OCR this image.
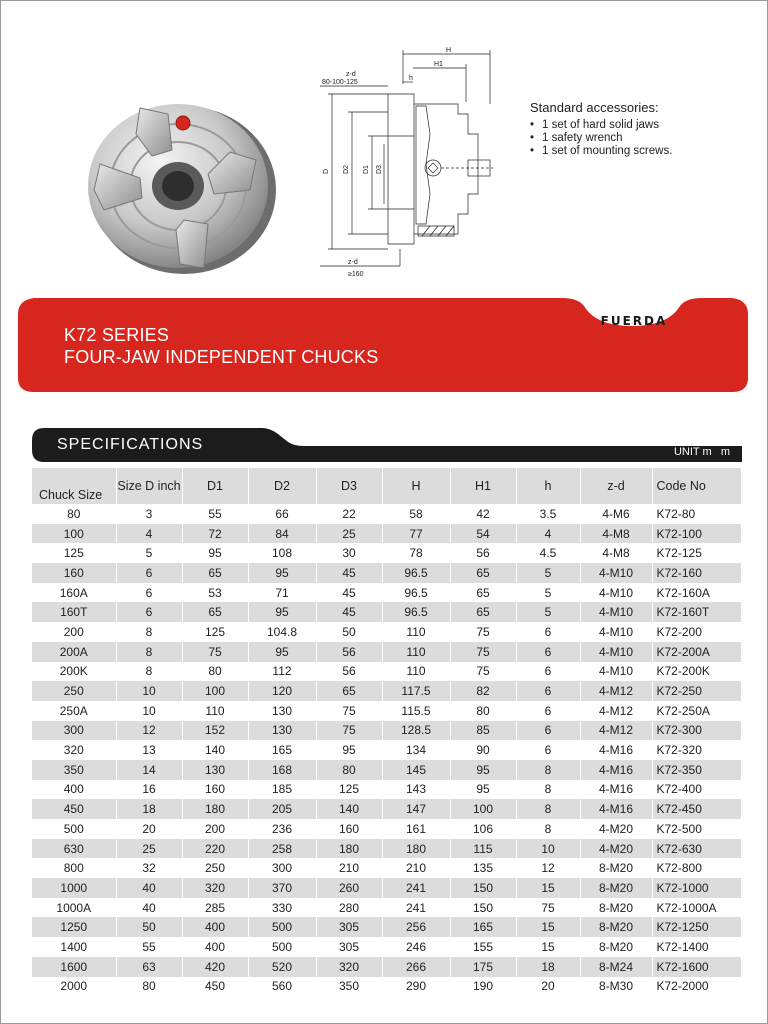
H
H1
h
z-d
80-100-125
D D2 D1 D3
z-d
≥160
Standard accessories:
• 1 set of hard solid jaws
• 1 safety wrench
• 1 set of mounting screws.
FUERDA
K72 SERIES
FOUR-JAW INDEPENDENT CHUCKS
SPECIFICATIONS	UNIT m   m
Chuck Size	Size D inch	D1	D2	D3	H	H1	h	z-d	Code No
80	3	55	66	22	58	42	3.5	4-M6	K72-80
100	4	72	84	25	77	54	4	4-M8	K72-100
125	5	95	108	30	78	56	4.5	4-M8	K72-125
160	6	65	95	45	96.5	65	5	4-M10	K72-160
160A	6	53	71	45	96.5	65	5	4-M10	K72-160A
160T	6	65	95	45	96.5	65	5	4-M10	K72-160T
200	8	125	104.8	50	110	75	6	4-M10	K72-200
200A	8	75	95	56	110	75	6	4-M10	K72-200A
200K	8	80	112	56	110	75	6	4-M10	K72-200K
250	10	100	120	65	117.5	82	6	4-M12	K72-250
250A	10	110	130	75	115.5	80	6	4-M12	K72-250A
300	12	152	130	75	128.5	85	6	4-M12	K72-300
320	13	140	165	95	134	90	6	4-M16	K72-320
350	14	130	168	80	145	95	8	4-M16	K72-350
400	16	160	185	125	143	95	8	4-M16	K72-400
450	18	180	205	140	147	100	8	4-M16	K72-450
500	20	200	236	160	161	106	8	4-M20	K72-500
630	25	220	258	180	180	115	10	4-M20	K72-630
800	32	250	300	210	210	135	12	8-M20	K72-800
1000	40	320	370	260	241	150	15	8-M20	K72-1000
1000A	40	285	330	280	241	150	75	8-M20	K72-1000A
1250	50	400	500	305	256	165	15	8-M20	K72-1250
1400	55	400	500	305	246	155	15	8-M20	K72-1400
1600	63	420	520	320	266	175	18	8-M24	K72-1600
2000	80	450	560	350	290	190	20	8-M30	K72-2000
